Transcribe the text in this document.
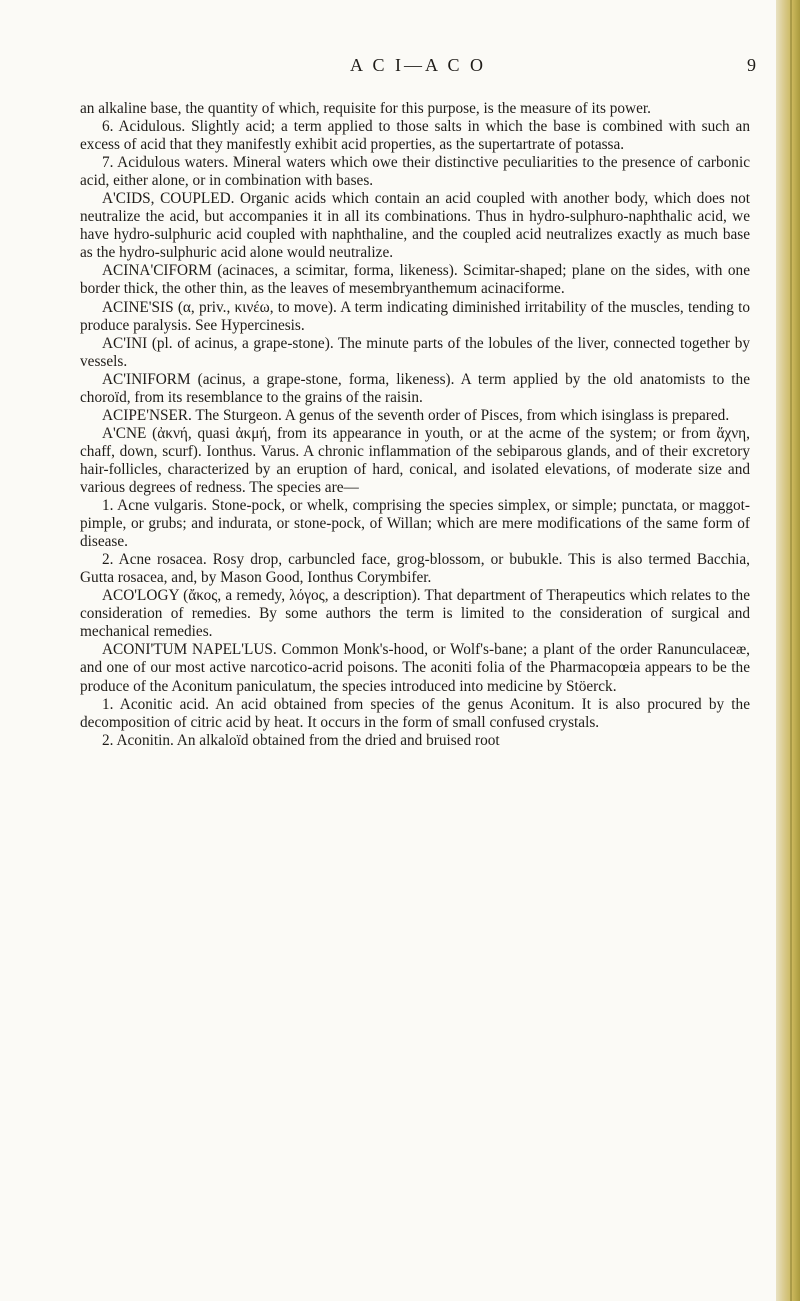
A C I—A C O	9

an alkaline base, the quantity of which, requisite for this purpose, is the measure of its power.

6. Acidulous. Slightly acid; a term applied to those salts in which the base is combined with such an excess of acid that they manifestly exhibit acid properties, as the supertartrate of potassa.

7. Acidulous waters. Mineral waters which owe their distinctive peculiarities to the presence of carbonic acid, either alone, or in combination with bases.

A'CIDS, COUPLED. Organic acids which contain an acid coupled with another body, which does not neutralize the acid, but accompanies it in all its combinations. Thus in hydro-sulphuro-naphthalic acid, we have hydro-sulphuric acid coupled with naphthaline, and the coupled acid neutralizes exactly as much base as the hydro-sulphuric acid alone would neutralize.

ACINA'CIFORM (acinaces, a scimitar, forma, likeness). Scimitar-shaped; plane on the sides, with one border thick, the other thin, as the leaves of mesembryanthemum acinaciforme.

ACINE'SIS (α, priv., κινέω, to move). A term indicating diminished irritability of the muscles, tending to produce paralysis. See Hypercinesis.

AC'INI (pl. of acinus, a grape-stone). The minute parts of the lobules of the liver, connected together by vessels.

AC'INIFORM (acinus, a grape-stone, forma, likeness). A term applied by the old anatomists to the choroïd, from its resemblance to the grains of the raisin.

ACIPE'NSER. The Sturgeon. A genus of the seventh order of Pisces, from which isinglass is prepared.

A'CNE (ἀκνή, quasi ἀκμή, from its appearance in youth, or at the acme of the system; or from ἄχνη, chaff, down, scurf). Ionthus. Varus. A chronic inflammation of the sebiparous glands, and of their excretory hair-follicles, characterized by an eruption of hard, conical, and isolated elevations, of moderate size and various degrees of redness. The species are—

1. Acne vulgaris. Stone-pock, or whelk, comprising the species simplex, or simple; punctata, or maggot-pimple, or grubs; and indurata, or stone-pock, of Willan; which are mere modifications of the same form of disease.

2. Acne rosacea. Rosy drop, carbuncled face, grog-blossom, or bubukle. This is also termed Bacchia, Gutta rosacea, and, by Mason Good, Ionthus Corymbifer.

ACO'LOGY (ἄκος, a remedy, λόγος, a description). That department of Therapeutics which relates to the consideration of remedies. By some authors the term is limited to the consideration of surgical and mechanical remedies.

ACONI'TUM NAPEL'LUS. Common Monk's-hood, or Wolf's-bane; a plant of the order Ranunculaceæ, and one of our most active narcotico-acrid poisons. The aconiti folia of the Pharmacopœia appears to be the produce of the Aconitum paniculatum, the species introduced into medicine by Stöerck.

1. Aconitic acid. An acid obtained from species of the genus Aconitum. It is also procured by the decomposition of citric acid by heat. It occurs in the form of small confused crystals.

2. Aconitin. An alkaloïd obtained from the dried and bruised root
